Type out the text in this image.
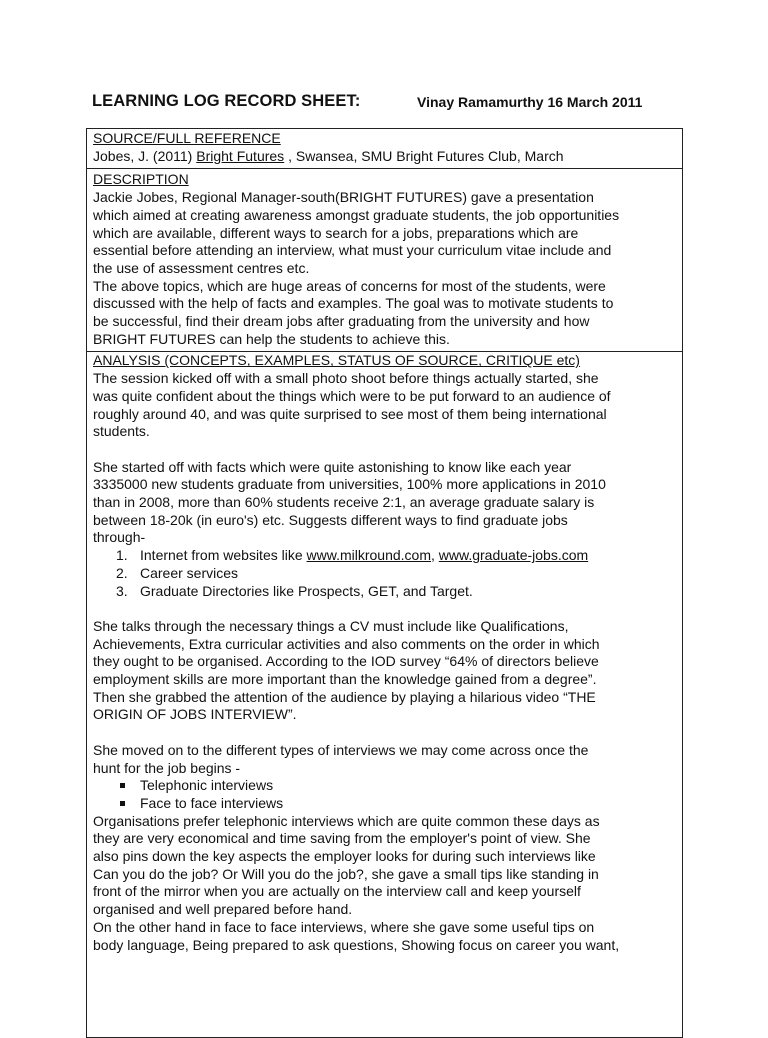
LEARNING LOG RECORD SHEET:	Vinay Ramamurthy 16 March 2011

SOURCE/FULL REFERENCE

Jobes, J. (2011) Bright Futures , Swansea, SMU Bright Futures Club, March

DESCRIPTION

Jackie Jobes, Regional Manager-south(BRIGHT FUTURES) gave a presentation

which aimed at creating awareness amongst graduate students, the job opportunities

which are available, different ways to search for a jobs, preparations which are

essential before attending an interview, what must your curriculum vitae include and

the use of assessment centres etc.

The above topics, which are huge areas of concerns for most of the students, were

discussed with the help of facts and examples. The goal was to motivate students to

be successful, find their dream jobs after graduating from the university and how

BRIGHT FUTURES can help the students to achieve this.

ANALYSIS (CONCEPTS, EXAMPLES, STATUS OF SOURCE, CRITIQUE etc)

The session kicked off with a small photo shoot before things actually started, she

was quite confident about the things which were to be put forward to an audience of

roughly around 40, and was quite surprised to see most of them being international

students.

She started off with facts which were quite astonishing to know like each year

3335000 new students graduate from universities, 100% more applications in 2010

than in 2008, more than 60% students receive 2:1, an average graduate salary is

between 18-20k (in euro's) etc. Suggests different ways to find graduate jobs

through-

1. Internet from websites like www.milkround.com, www.graduate-jobs.com
2. Career services
3. Graduate Directories like Prospects, GET, and Target.

She talks through the necessary things a CV must include like Qualifications,

Achievements, Extra curricular activities and also comments on the order in which

they ought to be organised. According to the IOD survey “64% of directors believe

employment skills are more important than the knowledge gained from a degree”.

Then she grabbed the attention of the audience by playing a hilarious video “THE

ORIGIN OF JOBS INTERVIEW”.

She moved on to the different types of interviews we may come across once the

hunt for the job begins -

Telephonic interviews
Face to face interviews

Organisations prefer telephonic interviews which are quite common these days as

they are very economical and time saving from the employer's point of view. She

also pins down the key aspects the employer looks for during such interviews like

Can you do the job? Or Will you do the job?, she gave a small tips like standing in

front of the mirror when you are actually on the interview call and keep yourself

organised and well prepared before hand.

On the other hand in face to face interviews, where she gave some useful tips on

body language, Being prepared to ask questions, Showing focus on career you want,
